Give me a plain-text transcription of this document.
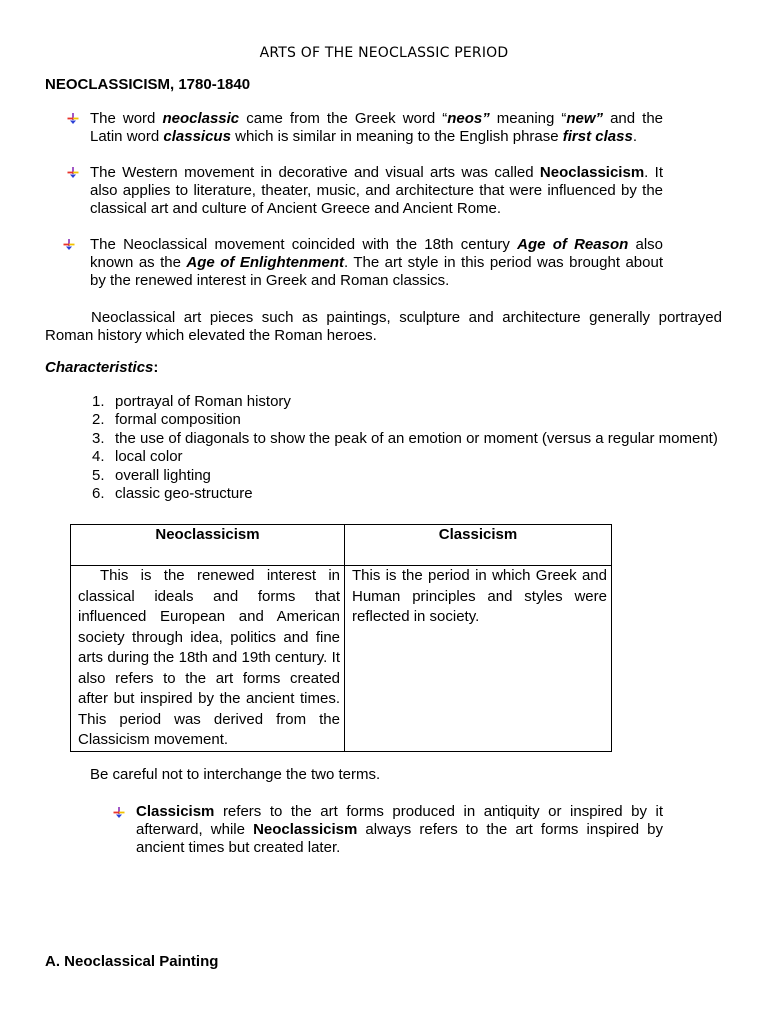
ARTS OF THE NEOCLASSIC PERIOD
NEOCLASSICISM, 1780-1840
The word neoclassic came from the Greek word “neos” meaning “new” and the Latin word classicus which is similar in meaning to the English phrase first class.
The Western movement in decorative and visual arts was called Neoclassicism. It also applies to literature, theater, music, and architecture that were influenced by the classical art and culture of Ancient Greece and Ancient Rome.
The Neoclassical movement coincided with the 18th century Age of Reason also known as the Age of Enlightenment. The art style in this period was brought about by the renewed interest in Greek and Roman classics.
Neoclassical art pieces such as paintings, sculpture and architecture generally portrayed Roman history which elevated the Roman heroes.
Characteristics:
1. portrayal of Roman history
2. formal composition
3. the use of diagonals to show the peak of an emotion or moment (versus a regular moment)
4. local color
5. overall lighting
6. classic geo-structure
Neoclassicism	Classicism
This is the renewed interest in classical ideals and forms that influenced European and American society through idea, politics and fine arts during the 18th and 19th century. It also refers to the art forms created after but inspired by the ancient times. This period was derived from the Classicism movement.	This is the period in which Greek and Human principles and styles were reflected in society.
Be careful not to interchange the two terms.
Classicism refers to the art forms produced in antiquity or inspired by it afterward, while Neoclassicism always refers to the art forms inspired by ancient times but created later.
A. Neoclassical Painting
